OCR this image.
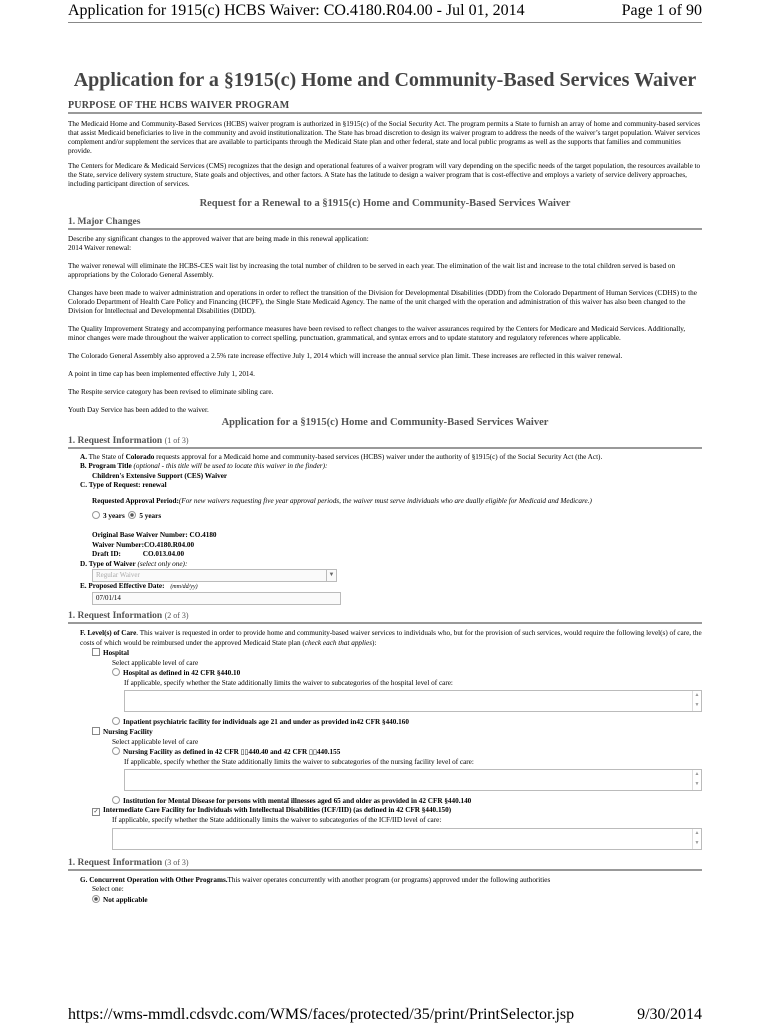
Application for 1915(c) HCBS Waiver: CO.4180.R04.00 - Jul 01, 2014	Page 1 of 90
Application for a §1915(c) Home and Community-Based Services Waiver
PURPOSE OF THE HCBS WAIVER PROGRAM

The Medicaid Home and Community-Based Services (HCBS) waiver program is authorized in §1915(c) of the Social Security Act. The program permits a State to furnish an array of home and community-based services that assist Medicaid beneficiaries to live in the community and avoid institutionalization. The State has broad discretion to design its waiver program to address the needs of the waiver’s target population. Waiver services complement and/or supplement the services that are available to participants through the Medicaid State plan and other federal, state and local public programs as well as the supports that families and communities provide.

The Centers for Medicare & Medicaid Services (CMS) recognizes that the design and operational features of a waiver program will vary depending on the specific needs of the target population, the resources available to the State, service delivery system structure, State goals and objectives, and other factors. A State has the latitude to design a waiver program that is cost-effective and employs a variety of service delivery approaches, including participant direction of services.

Request for a Renewal to a §1915(c) Home and Community-Based Services Waiver
1. Major Changes

Describe any significant changes to the approved waiver that are being made in this renewal application:
2014 Waiver renewal:

The waiver renewal will eliminate the HCBS-CES wait list by increasing the total number of children to be served in each year. The elimination of the wait list and increase to the total children served is based on appropriations by the Colorado General Assembly.

Changes have been made to waiver administration and operations in order to reflect the transition of the Division for Developmental Disabilities (DDD) from the Colorado Department of Human Services (CDHS) to the Colorado Department of Health Care Policy and Financing (HCPF), the Single State Medicaid Agency. The name of the unit charged with the operation and administration of this waiver has also been changed to the Division for Intellectual and Developmental Disabilities (DIDD).

The Quality Improvement Strategy and accompanying performance measures have been revised to reflect changes to the waiver assurances required by the Centers for Medicare and Medicaid Services. Additionally, minor changes were made throughout the waiver application to correct spelling, punctuation, grammatical, and syntax errors and to update statutory and regulatory references where applicable.

The Colorado General Assembly also approved a 2.5% rate increase effective July 1, 2014 which will increase the annual service plan limit. These increases are reflected in this waiver renewal.

A point in time cap has been implemented effective July 1, 2014.

The Respite service category has been revised to eliminate sibling care.

Youth Day Service has been added to the waiver.

Application for a §1915(c) Home and Community-Based Services Waiver
1. Request Information (1 of 3)
A. The State of Colorado requests approval for a Medicaid home and community-based services (HCBS) waiver under the authority of §1915(c) of the Social Security Act (the Act).
B. Program Title (optional - this title will be used to locate this waiver in the finder):
Children's Extensive Support (CES) Waiver
C. Type of Request: renewal
Requested Approval Period:(For new waivers requesting five year approval periods, the waiver must serve individuals who are dually eligible for Medicaid and Medicare.)
3 years 5 years
Original Base Waiver Number: CO.4180
Waiver Number:CO.4180.R04.00
Draft ID:	CO.013.04.00
D. Type of Waiver (select only one):
Regular Waiver	▼
E. Proposed Effective Date: (mm/dd/yy)
07/01/14
1. Request Information (2 of 3)
F. Level(s) of Care. This waiver is requested in order to provide home and community-based waiver services to individuals who, but for the provision of such services, would require the following level(s) of care, the costs of which would be reimbursed under the approved Medicaid State plan (check each that applies):
Hospital
Select applicable level of care
Hospital as defined in 42 CFR §440.10
If applicable, specify whether the State additionally limits the waiver to subcategories of the hospital level of care:
▲
▼
Inpatient psychiatric facility for individuals age 21 and under as provided in42 CFR §440.160
Nursing Facility
Select applicable level of care
Nursing Facility as defined in 42 CFR ▯▯440.40 and 42 CFR ▯▯440.155
If applicable, specify whether the State additionally limits the waiver to subcategories of the nursing facility level of care:
▲
▼
Institution for Mental Disease for persons with mental illnesses aged 65 and older as provided in 42 CFR §440.140
✓ Intermediate Care Facility for Individuals with Intellectual Disabilities (ICF/IID) (as defined in 42 CFR §440.150)
If applicable, specify whether the State additionally limits the waiver to subcategories of the ICF/IID level of care:
▲
▼
1. Request Information (3 of 3)
G. Concurrent Operation with Other Programs.This waiver operates concurrently with another program (or programs) approved under the following authorities
Select one:
Not applicable
https://wms-mmdl.cdsvdc.com/WMS/faces/protected/35/print/PrintSelector.jsp	9/30/2014
